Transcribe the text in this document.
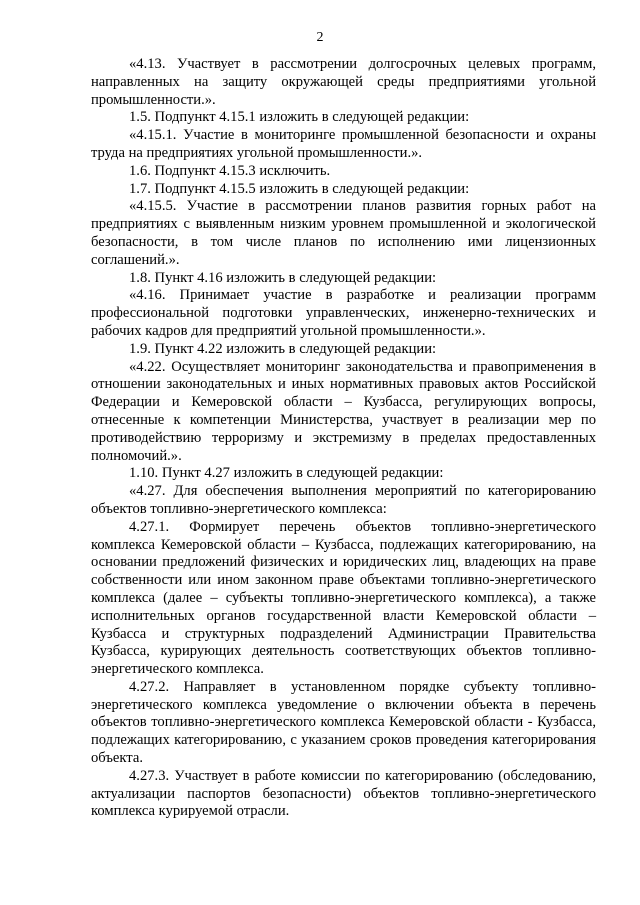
2

«4.13. Участвует в рассмотрении долгосрочных целевых программ, направленных на защиту окружающей среды предприятиями угольной промышленности.».

1.5. Подпункт 4.15.1 изложить в следующей редакции:

«4.15.1. Участие в мониторинге промышленной безопасности и охраны труда на предприятиях угольной промышленности.».

1.6. Подпункт 4.15.3 исключить.

1.7. Подпункт 4.15.5 изложить в следующей редакции:

«4.15.5. Участие в рассмотрении планов развития горных работ на предприятиях с выявленным низким уровнем промышленной и экологической безопасности, в том числе планов по исполнению ими лицензионных соглашений.».

1.8. Пункт 4.16 изложить в следующей редакции:

«4.16. Принимает участие в разработке и реализации программ профессиональной подготовки управленческих, инженерно-технических и рабочих кадров для предприятий угольной промышленности.».

1.9. Пункт 4.22 изложить в следующей редакции:

«4.22. Осуществляет мониторинг законодательства и правоприменения в отношении законодательных и иных нормативных правовых актов Российской Федерации и Кемеровской области – Кузбасса, регулирующих вопросы, отнесенные к компетенции Министерства, участвует в реализации мер по противодействию терроризму и экстремизму в пределах предоставленных полномочий.».

1.10. Пункт 4.27 изложить в следующей редакции:

«4.27. Для обеспечения выполнения мероприятий по категорированию объектов топливно-энергетического комплекса:

4.27.1. Формирует перечень объектов топливно-энергетического комплекса Кемеровской области – Кузбасса, подлежащих категорированию, на основании предложений физических и юридических лиц, владеющих на праве собственности или ином законном праве объектами топливно-энергетического комплекса (далее – субъекты топливно-энергетического комплекса), а также исполнительных органов государственной власти Кемеровской области – Кузбасса и структурных подразделений Администрации Правительства Кузбасса, курирующих деятельность соответствующих объектов топливно-энергетического комплекса.

4.27.2. Направляет в установленном порядке субъекту топливно-энергетического комплекса уведомление о включении объекта в перечень объектов топливно-энергетического комплекса Кемеровской области - Кузбасса, подлежащих категорированию, с указанием сроков проведения категорирования объекта.

4.27.3. Участвует в работе комиссии по категорированию (обследованию, актуализации паспортов безопасности) объектов топливно-энергетического комплекса курируемой отрасли.
